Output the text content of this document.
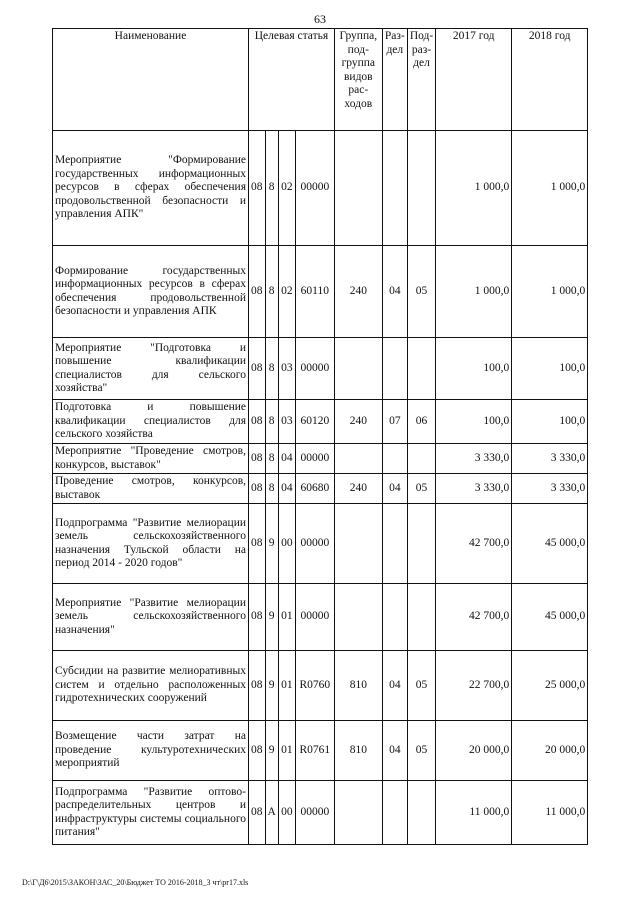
63
Наименование	Целевая статья				Группа, под-группа видов рас-ходов	Раз-дел	Под-раз-дел	2017 год	2018 год
Мероприятие "Формирование государственных информационных ресурсов в сферах обеспечения продовольственной безопасности и управления АПК"	08	8	02	00000				1 000,0	1 000,0
Формирование государственных информационных ресурсов в сферах обеспечения продовольственной безопасности и управления АПК	08	8	02	60110	240	04	05	1 000,0	1 000,0
Мероприятие "Подготовка и повышение квалификации специалистов для сельского хозяйства"	08	8	03	00000				100,0	100,0
Подготовка и повышение квалификации специалистов для сельского хозяйства	08	8	03	60120	240	07	06	100,0	100,0
Мероприятие "Проведение смотров, конкурсов, выставок"	08	8	04	00000				3 330,0	3 330,0
Проведение смотров, конкурсов, выставок	08	8	04	60680	240	04	05	3 330,0	3 330,0
Подпрограмма "Развитие мелиорации земель сельскохозяйственного назначения Тульской области на период 2014 - 2020 годов"	08	9	00	00000				42 700,0	45 000,0
Мероприятие "Развитие мелиорации земель сельскохозяйственного назначения"	08	9	01	00000				42 700,0	45 000,0
Субсидии на развитие мелиоративных систем и отдельно расположенных гидротехнических сооружений	08	9	01	R0760	810	04	05	22 700,0	25 000,0
Возмещение части затрат на проведение культуротехнических мероприятий	08	9	01	R0761	810	04	05	20 000,0	20 000,0
Подпрограмма "Развитие оптово-распределительных центров и инфраструктуры системы социального питания"	08	А	00	00000				11 000,0	11 000,0
D:\Г\Д6\2015\ЗАКОН\ЗАС_20\Бюджет ТО 2016-2018_3 чт\pr17.xls
